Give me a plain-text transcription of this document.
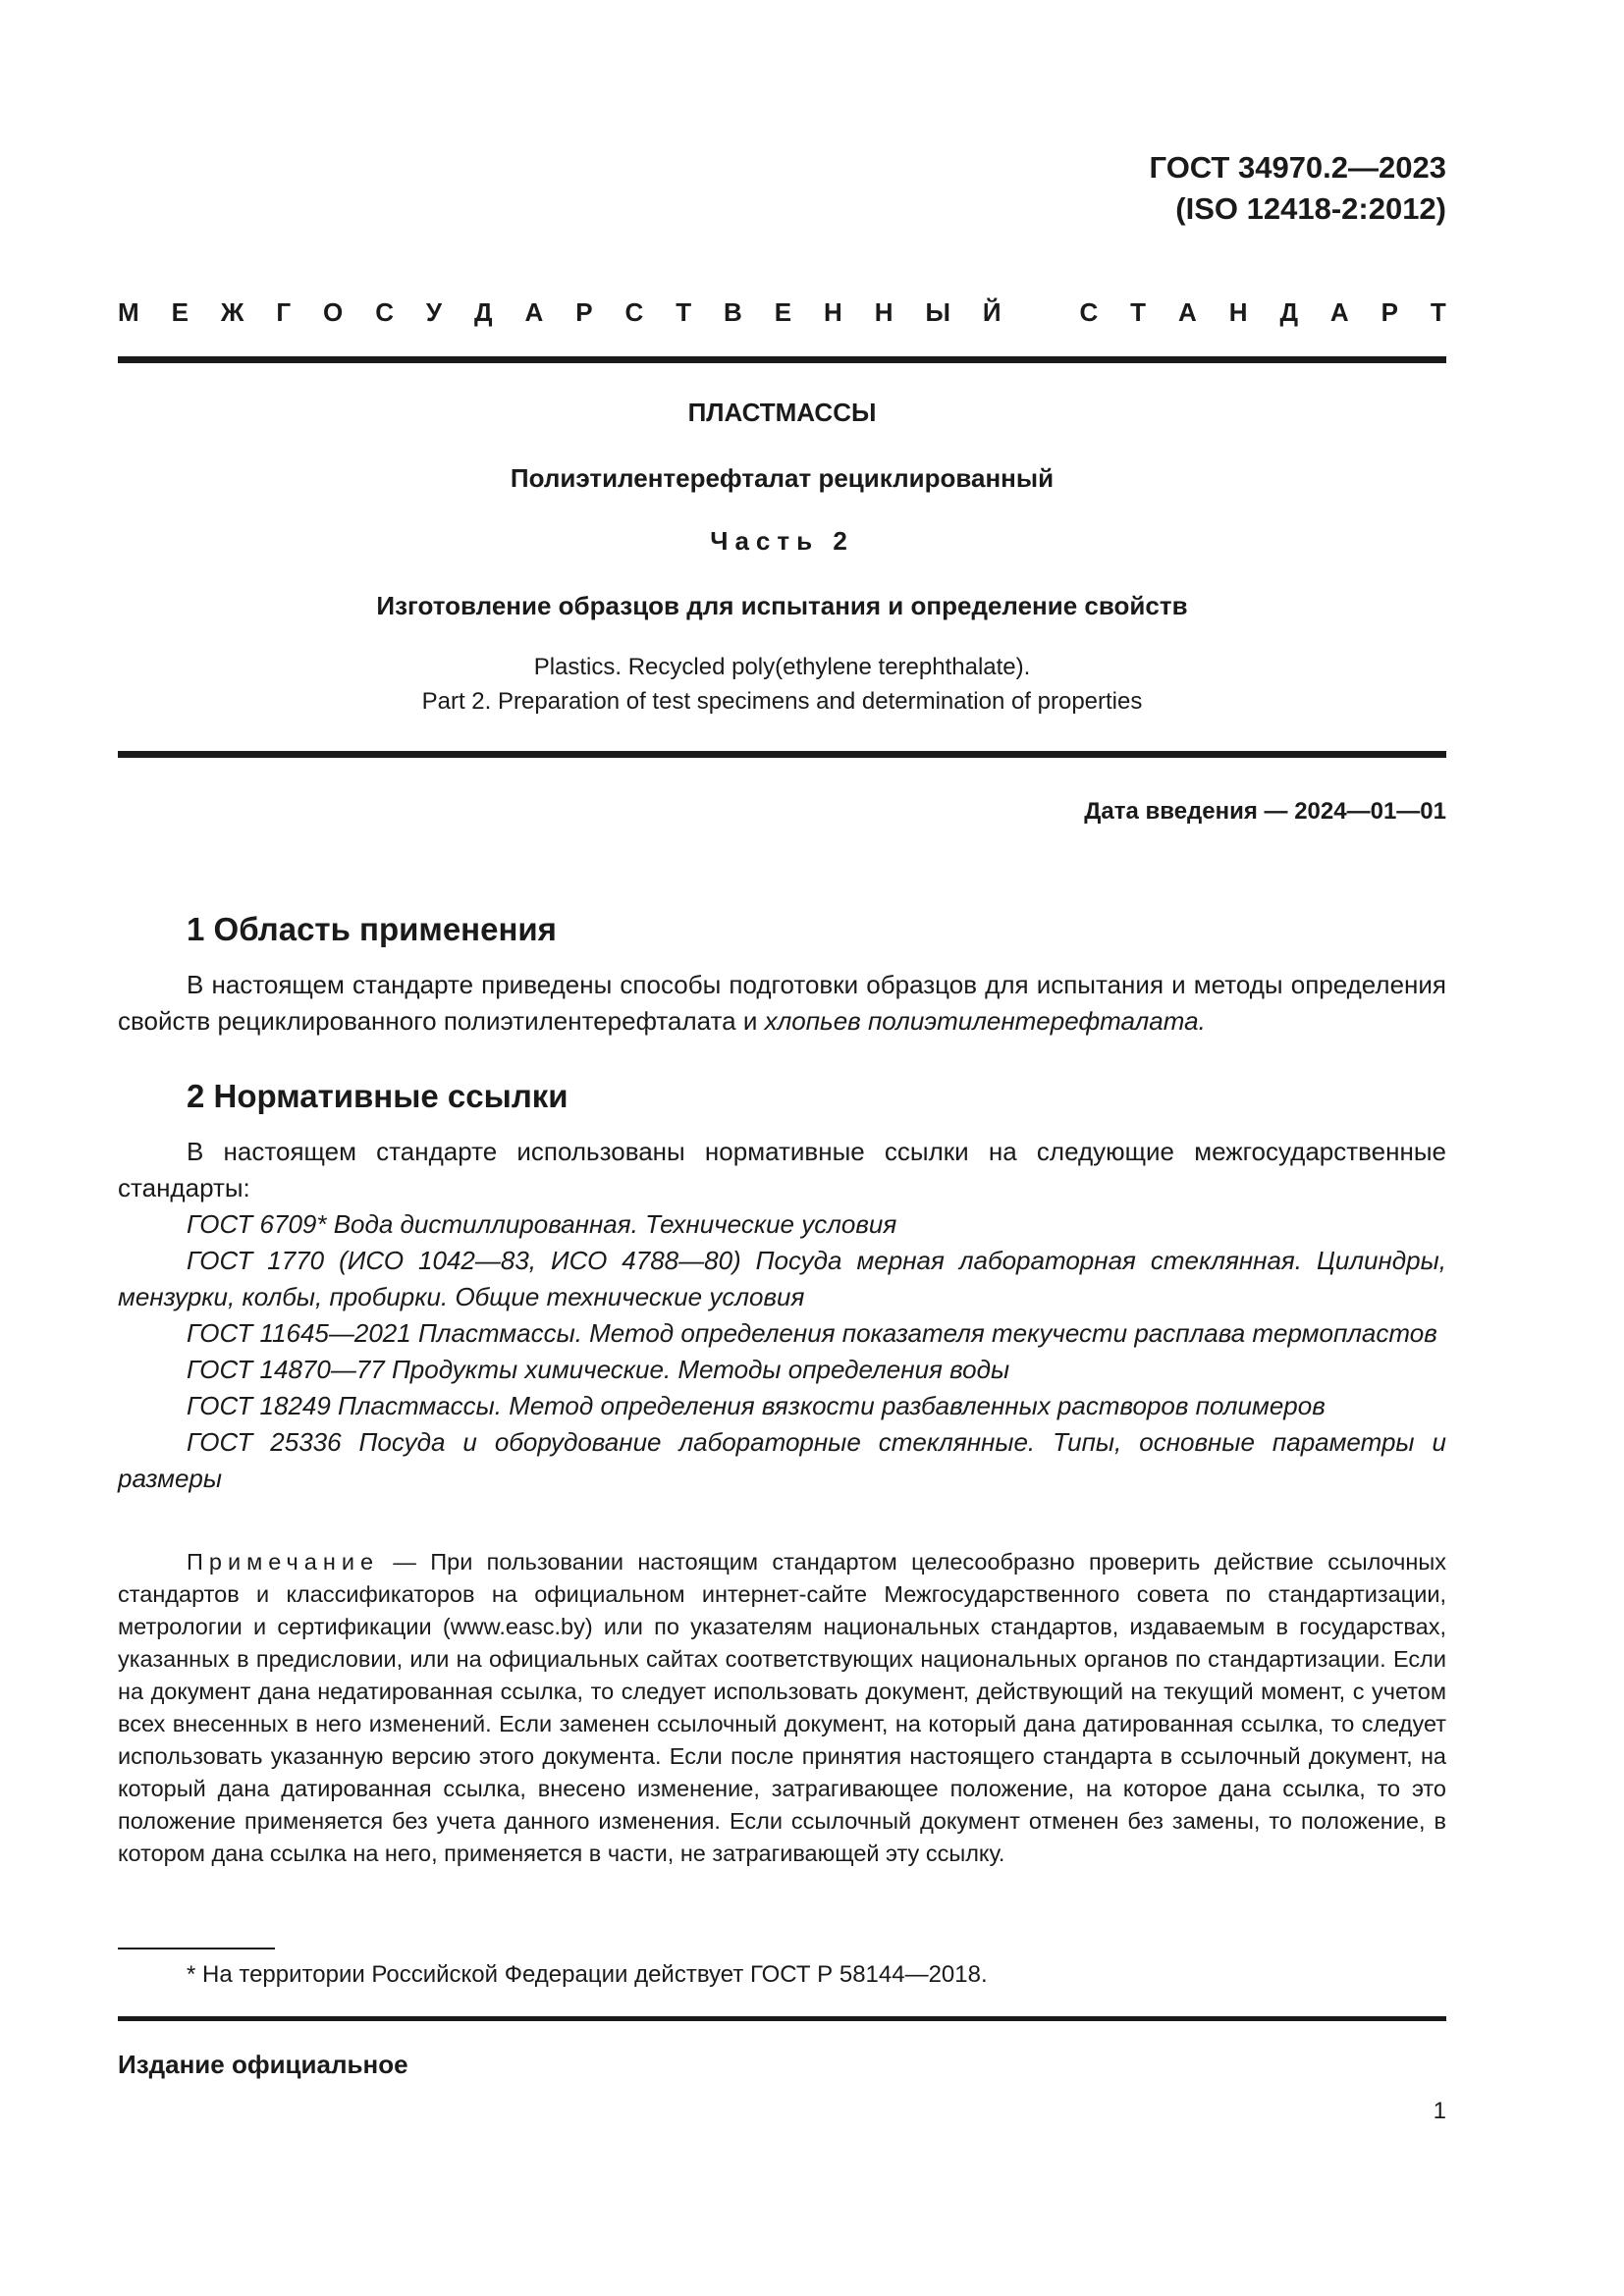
ГОСТ 34970.2—2023
(ISO 12418-2:2012)
М Е Ж Г О С У Д А Р С Т В Е Н Н Ы Й	С Т А Н Д А Р Т
ПЛАСТМАССЫ
Полиэтилентерефталат рециклированный
Часть 2
Изготовление образцов для испытания и определение свойств
Plastics. Recycled poly(ethylene terephthalate).
Part 2. Preparation of test specimens and determination of properties
Дата введения — 2024—01—01
1 Область применения

В настоящем стандарте приведены способы подготовки образцов для испытания и методы определения свойств рециклированного полиэтилентерефталата и хлопьев полиэтилентерефталата.

2 Нормативные ссылки

В настоящем стандарте использованы нормативные ссылки на следующие межгосударственные стандарты:

ГОСТ 6709* Вода дистиллированная. Технические условия

ГОСТ 1770 (ИСО 1042—83, ИСО 4788—80) Посуда мерная лабораторная стеклянная. Цилиндры, мензурки, колбы, пробирки. Общие технические условия

ГОСТ 11645—2021 Пластмассы. Метод определения показателя текучести расплава термопластов

ГОСТ 14870—77 Продукты химические. Методы определения воды

ГОСТ 18249 Пластмассы. Метод определения вязкости разбавленных растворов полимеров

ГОСТ 25336 Посуда и оборудование лабораторные стеклянные. Типы, основные параметры и размеры

Примечание — При пользовании настоящим стандартом целесообразно проверить действие ссылочных стандартов и классификаторов на официальном интернет-сайте Межгосударственного совета по стандартизации, метрологии и сертификации (www.easc.by) или по указателям национальных стандартов, издаваемым в государствах, указанных в предисловии, или на официальных сайтах соответствующих национальных органов по стандартизации. Если на документ дана недатированная ссылка, то следует использовать документ, действующий на текущий момент, с учетом всех внесенных в него изменений. Если заменен ссылочный документ, на который дана датированная ссылка, то следует использовать указанную версию этого документа. Если после принятия настоящего стандарта в ссылочный документ, на который дана датированная ссылка, внесено изменение, затрагивающее положение, на которое дана ссылка, то это положение применяется без учета данного изменения. Если ссылочный документ отменен без замены, то положение, в котором дана ссылка на него, применяется в части, не затрагивающей эту ссылку.
* На территории Российской Федерации действует ГОСТ Р 58144—2018.
Издание официальное
1
